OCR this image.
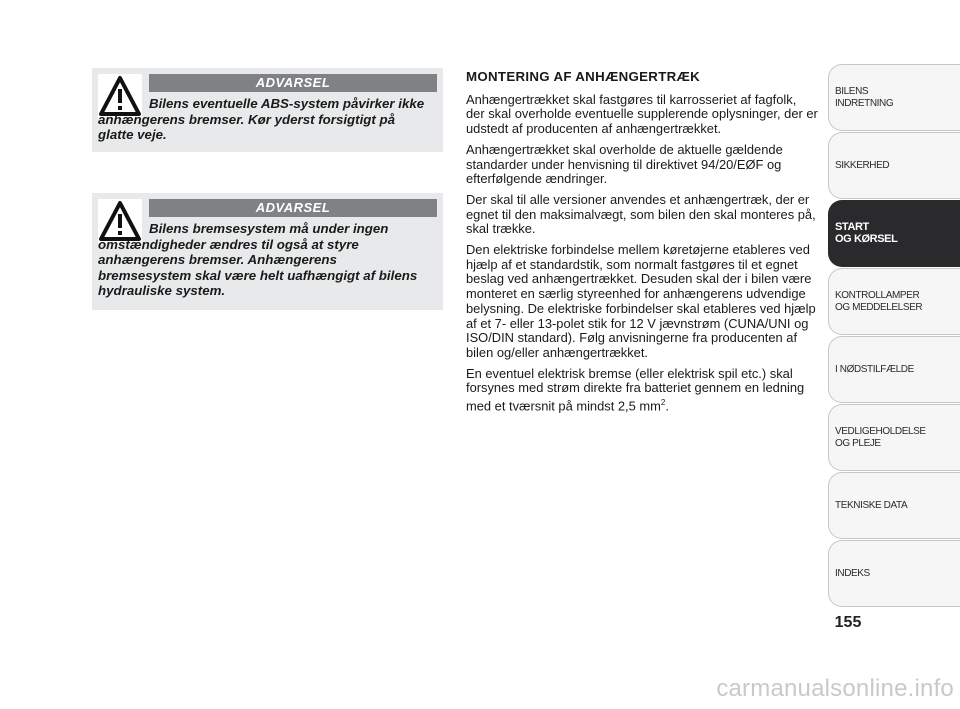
ADVARSEL

Bilens eventuelle ABS-system påvirker ikke anhængerens bremser. Kør yderst forsigtigt på glatte veje.

ADVARSEL

Bilens bremsesystem må under ingen omstændigheder ændres til også at styre anhængerens bremser. Anhængerens bremsesystem skal være helt uafhængigt af bilens hydrauliske system.

MONTERING AF ANHÆNGERTRÆK

Anhængertrækket skal fastgøres til karrosseriet af fagfolk, der skal overholde eventuelle supplerende oplysninger, der er udstedt af producenten af anhængertrækket.

Anhængertrækket skal overholde de aktuelle gældende standarder under henvisning til direktivet 94/20/EØF og efterfølgende ændringer.

Der skal til alle versioner anvendes et anhængertræk, der er egnet til den maksimalvægt, som bilen den skal monteres på, skal trække.

Den elektriske forbindelse mellem køretøjerne etableres ved hjælp af et standardstik, som normalt fastgøres til et egnet beslag ved anhængertrækket. Desuden skal der i bilen være monteret en særlig styreenhed for anhængerens udvendige belysning. De elektriske forbindelser skal etableres ved hjælp af et 7- eller 13-polet stik for 12 V jævnstrøm (CUNA/UNI og ISO/DIN standard). Følg anvisningerne fra producenten af bilen og/eller anhængertrækket.

En eventuel elektrisk bremse (eller elektrisk spil etc.) skal forsynes med strøm direkte fra batteriet gennem en ledning med et tværsnit på mindst 2,5 $mm^2$.

BILENS
INDRETNING
SIKKERHED
START
OG KØRSEL
KONTROLLAMPER
OG MEDDELELSER
I NØDSTILFÆLDE
VEDLIGEHOLDELSE
OG PLEJE
TEKNISKE DATA
INDEKS
155
carmanualsonline.info
